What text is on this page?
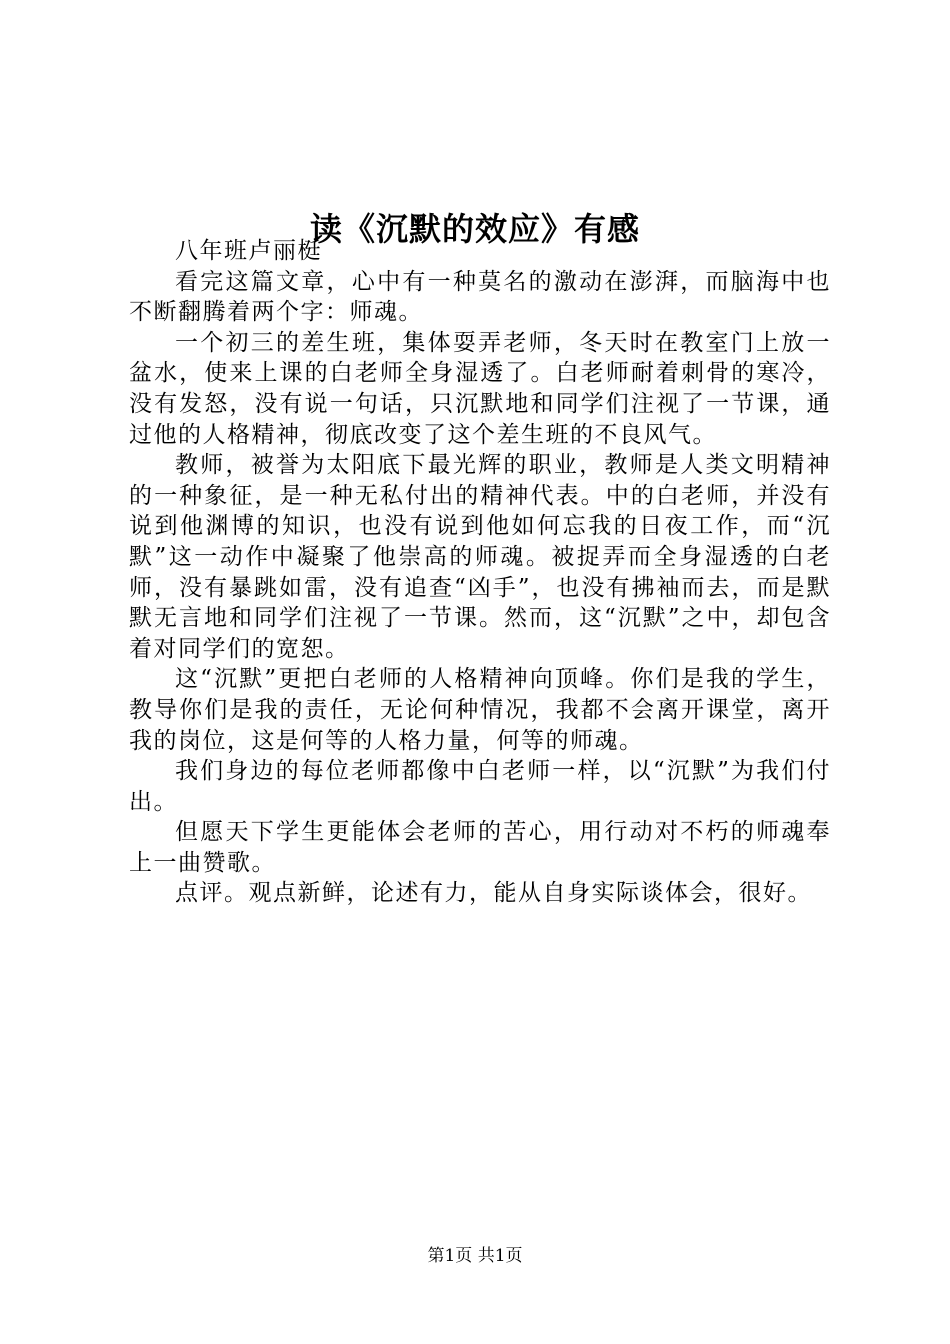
读《沉默的效应》有感

八年班卢丽梃

看完这篇文章，心中有一种莫名的激动在澎湃，而脑海中也不断翻腾着两个字：师魂。

一个初三的差生班，集体耍弄老师，冬天时在教室门上放一盆水，使来上课的白老师全身湿透了。白老师耐着刺骨的寒冷，没有发怒，没有说一句话，只沉默地和同学们注视了一节课，通过他的人格精神，彻底改变了这个差生班的不良风气。

教师，被誉为太阳底下最光辉的职业，教师是人类文明精神的一种象征，是一种无私付出的精神代表。中的白老师，并没有说到他渊博的知识，也没有说到他如何忘我的日夜工作，而“沉默”这一动作中凝聚了他崇高的师魂。被捉弄而全身湿透的白老师，没有暴跳如雷，没有追查“凶手”，也没有拂袖而去，而是默默无言地和同学们注视了一节课。然而，这“沉默”之中，却包含着对同学们的宽恕。

这“沉默”更把白老师的人格精神向顶峰。你们是我的学生，教导你们是我的责任，无论何种情况，我都不会离开课堂，离开我的岗位，这是何等的人格力量，何等的师魂。

我们身边的每位老师都像中白老师一样，以“沉默”为我们付出。

但愿天下学生更能体会老师的苦心，用行动对不朽的师魂奉上一曲赞歌。

点评。观点新鲜，论述有力，能从自身实际谈体会，很好。

第1页 共1页
